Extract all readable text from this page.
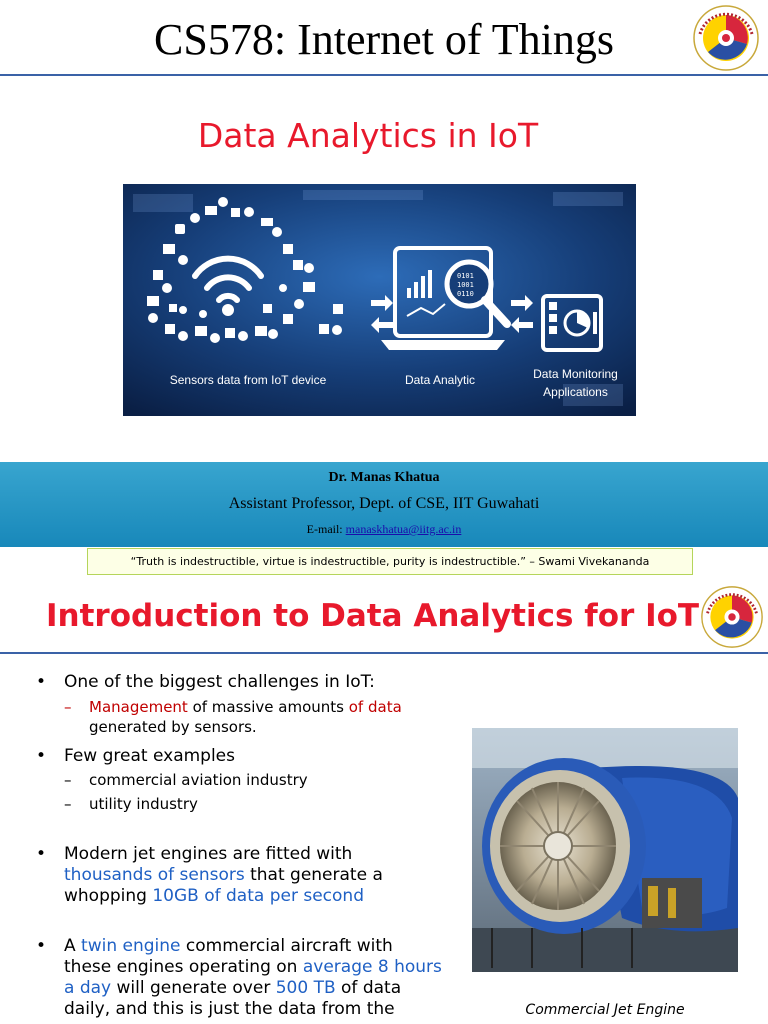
CS578: Internet of Things
Data Analytics in IoT
0101
1001
0110
Sensors data from IoT device	Data Analytic	Data Monitoring Applications
Dr. Manas Khatua
Assistant Professor, Dept. of CSE, IIT Guwahati
E-mail: manaskhatua@iitg.ac.in
“Truth is indestructible, virtue is indestructible, purity is indestructible.” – Swami Vivekananda
Introduction to Data Analytics for IoT
• One of the biggest challenges in IoT:
– Management of massive amounts of data
generated by sensors.
• Few great examples
– commercial aviation industry
– utility industry
• Modern jet engines are fitted with
thousands of sensors that generate a
whopping 10GB of data per second
• A twin engine commercial aircraft with
these engines operating on average 8 hours
a day will generate over 500 TB of data
daily, and this is just the data from the	Commercial Jet Engine
